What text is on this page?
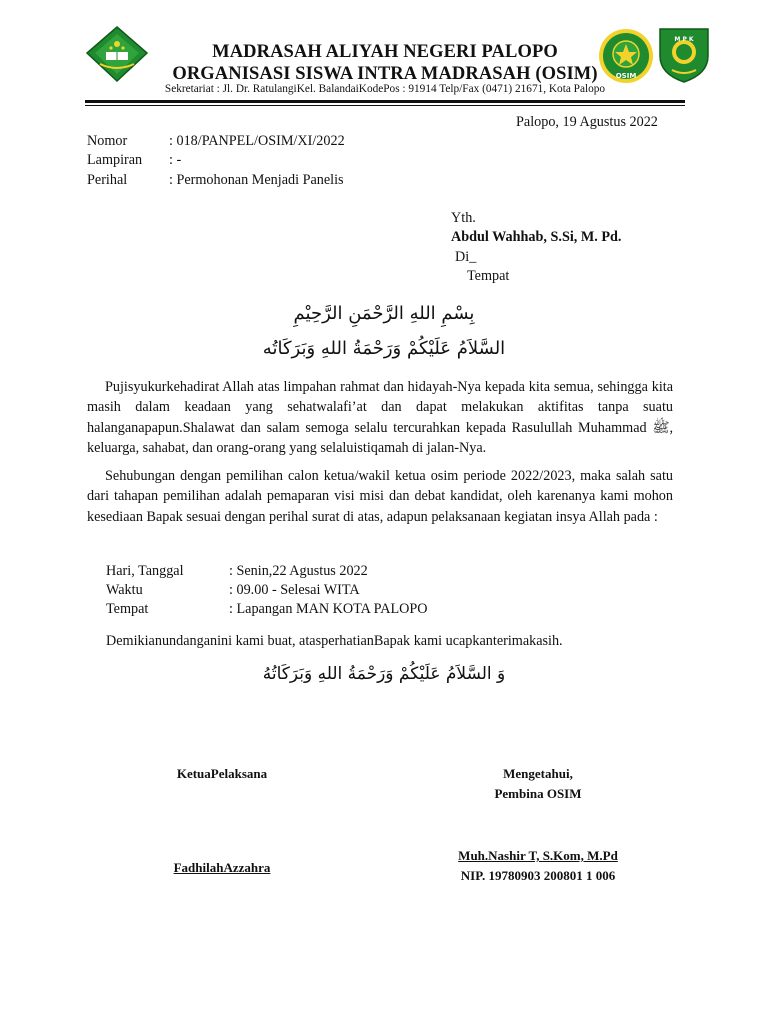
OSIM
M P K
MADRASAH ALIYAH NEGERI PALOPO
ORGANISASI SISWA INTRA MADRASAH (OSIM)
Sekretariat : Jl. Dr. RatulangiKel. BalandaiKodePos : 91914 Telp/Fax (0471) 21671, Kota Palopo
Palopo, 19 Agustus 2022
Nomor	: 018/PANPEL/OSIM/XI/2022
Lampiran : -
Perihal	: Permohonan Menjadi Panelis
Yth.
Abdul Wahhab, S.Si, M. Pd.
Di_
Tempat
بِسْمِ اللهِ الرَّحْمَنِ الرَّحِيْمِ
السَّلاَمُ عَلَيْكُمْ وَرَحْمَةُ اللهِ وَبَرَكَاتُه
Pujisyukurkehadirat Allah atas limpahan rahmat dan hidayah-Nya kepada kita semua, sehingga kita masih dalam keadaan yang sehatwalafi’at dan dapat melakukan aktifitas tanpa suatu halanganapapun.Shalawat dan salam semoga selalu tercurahkan kepada Rasulullah Muhammad ﷺ, keluarga, sahabat, dan orang-orang yang selaluistiqamah di jalan-Nya.
Sehubungan dengan pemilihan calon ketua/wakil ketua osim periode 2022/2023, maka salah satu dari tahapan pemilihan adalah pemaparan visi misi dan debat kandidat, oleh karenanya kami mohon kesediaan Bapak sesuai dengan perihal surat di atas, adapun pelaksanaan kegiatan insya Allah pada :
Hari, Tanggal	: Senin,22 Agustus 2022
Waktu	: 09.00 - Selesai WITA
Tempat	: Lapangan MAN KOTA PALOPO
Demikianundanganini kami buat, atasperhatianBapak kami ucapkanterimakasih.
وَ السَّلاَمُ عَلَيْكُمْ وَرَحْمَةُ اللهِ وَبَرَكَاتُهُ
KetuaPelaksana
FadhilahAzzahra
Mengetahui,
Pembina OSIM
Muh.Nashir T, S.Kom, M.Pd
NIP. 19780903 200801 1 006
